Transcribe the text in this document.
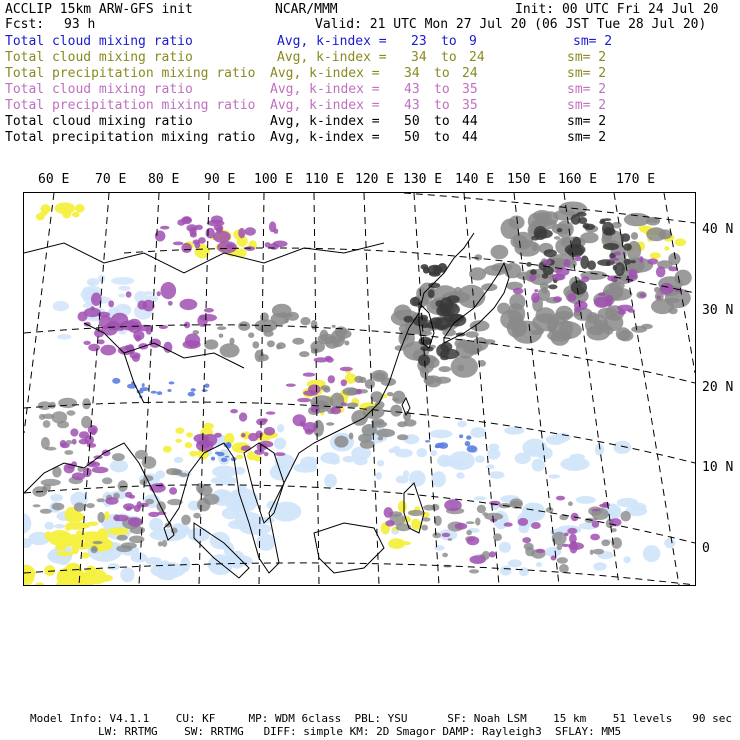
ACCLIP 15km ARW-GFS init	NCAR/MMM	Init: 00 UTC Fri 24 Jul 20
Fcst: 93 h	Valid: 21 UTC Mon 27 Jul 20 (06 JST Tue 28 Jul 20)
Total cloud mixing ratio	Avg, k-index = 23 to 9	sm= 2
Total cloud mixing ratio	Avg, k-index = 34 to 24	sm= 2
Total precipitation mixing ratio Avg, k-index = 34 to 24	sm= 2
Total cloud mixing ratio	Avg, k-index = 43 to 35	sm= 2
Total precipitation mixing ratio Avg, k-index = 43 to 35	sm= 2
Total cloud mixing ratio	Avg, k-index = 50 to 44	sm= 2
Total precipitation mixing ratio Avg, k-index = 50 to 44	sm= 2
60 E 70 E 80 E 90 E 100 E 110 E 120 E 130 E 140 E 150 E 160 E 170 E
40 N
30 N
20 N
10 N
0
Model Info: V4.1.1    CU: KF     MP: WDM 6class  PBL: YSU      SF: Noah LSM    15 km    51 levels   90 sec
LW: RRTMG    SW: RRTMG   DIFF: simple KM: 2D Smagor DAMP: Rayleigh3  SFLAY: MM5
